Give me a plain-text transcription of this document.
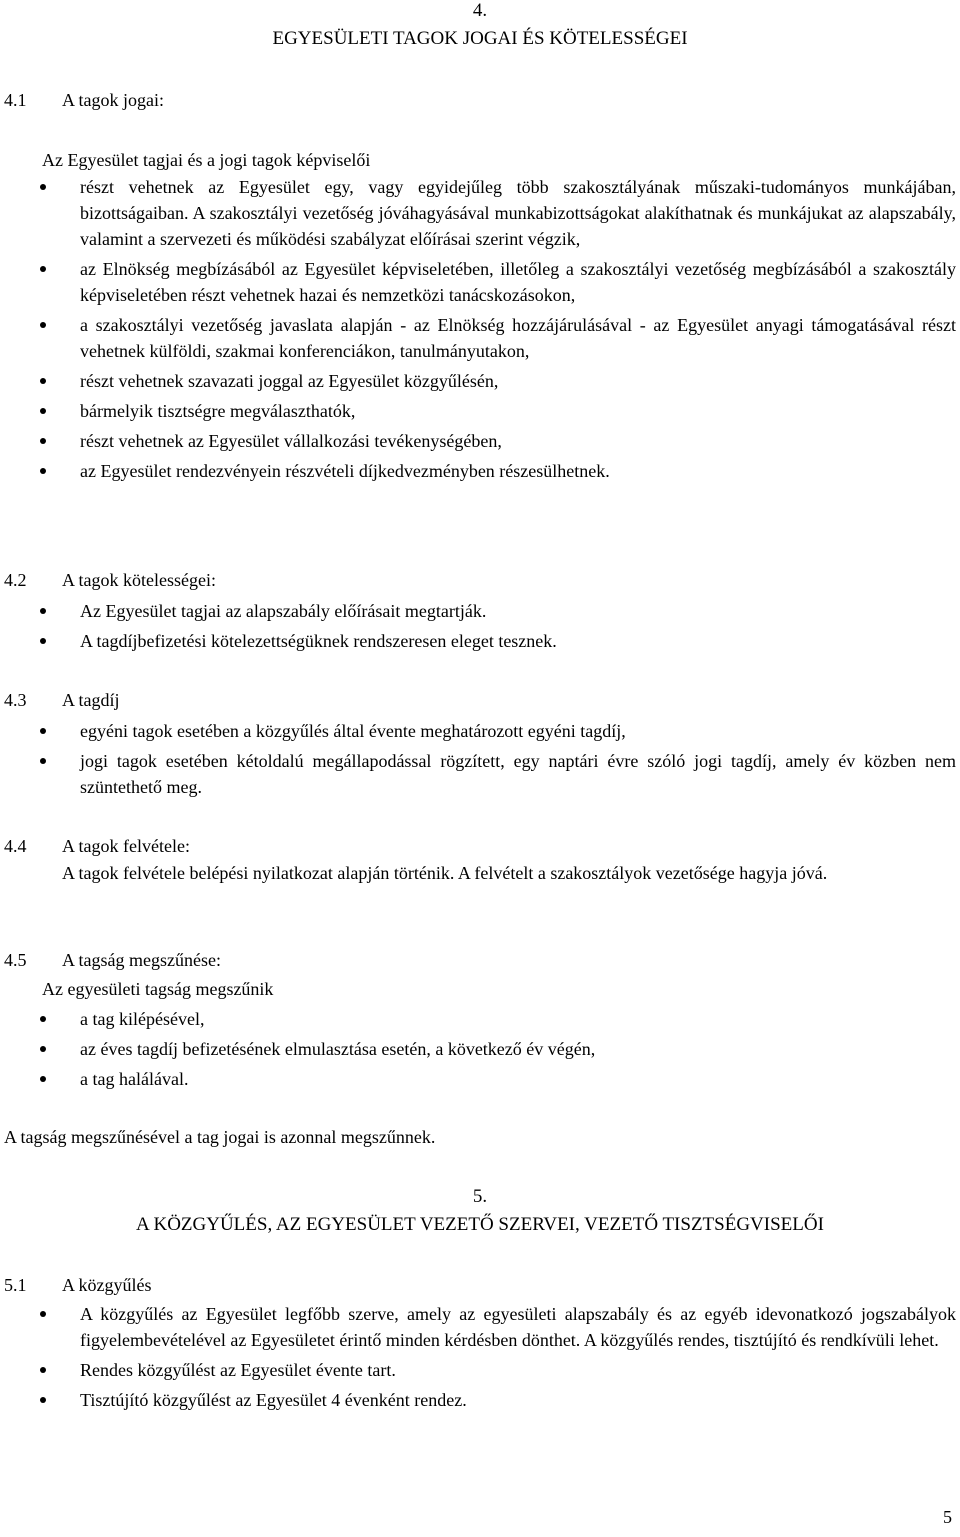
4.
EGYESÜLETI TAGOK JOGAI ÉS KÖTELESSÉGEI
4.1 A tagok jogai:
Az Egyesület tagjai és a jogi tagok képviselői
részt vehetnek az Egyesület egy, vagy egyidejűleg több szakosztályának műszaki-tudományos munkájában, bizottságaiban. A szakosztályi vezetőség jóváhagyásával munkabizottságokat alakíthatnak és munkájukat az alapszabály, valamint a szervezeti és működési szabályzat előírásai szerint végzik,
az Elnökség megbízásából az Egyesület képviseletében, illetőleg a szakosztályi vezetőség megbízásából a szakosztály képviseletében részt vehetnek hazai és nemzetközi tanácskozásokon,
a szakosztályi vezetőség javaslata alapján - az Elnökség hozzájárulásával - az Egyesület anyagi támogatásával részt vehetnek külföldi, szakmai konferenciákon, tanulmányutakon,
részt vehetnek szavazati joggal az Egyesület közgyűlésén,
bármelyik tisztségre megválaszthatók,
részt vehetnek az Egyesület vállalkozási tevékenységében,
az Egyesület rendezvényein részvételi díjkedvezményben részesülhetnek.
4.2 A tagok kötelességei:
Az Egyesület tagjai az alapszabály előírásait megtartják.
A tagdíjbefizetési kötelezettségüknek rendszeresen eleget tesznek.
4.3 A tagdíj
egyéni tagok esetében a közgyűlés által évente meghatározott egyéni tagdíj,
jogi tagok esetében kétoldalú megállapodással rögzített, egy naptári évre szóló jogi tagdíj, amely év közben nem szüntethető meg.
4.4 A tagok felvétele:
A tagok felvétele belépési nyilatkozat alapján történik. A felvételt a szakosztályok vezetősége hagyja jóvá.
4.5 A tagság megszűnése:
Az egyesületi tagság megszűnik
a tag kilépésével,
az éves tagdíj befizetésének elmulasztása esetén, a következő év végén,
a tag halálával.
A tagság megszűnésével a tag jogai is azonnal megszűnnek.
5.
A KÖZGYŰLÉS, AZ EGYESÜLET VEZETŐ SZERVEI, VEZETŐ TISZTSÉGVISELŐI
5.1 A közgyűlés
A közgyűlés az Egyesület legfőbb szerve, amely az egyesületi alapszabály és az egyéb idevonatkozó jogszabályok figyelembevételével az Egyesületet érintő minden kérdésben dönthet. A közgyűlés rendes, tisztújító és rendkívüli lehet.
Rendes közgyűlést az Egyesület évente tart.
Tisztújító közgyűlést az Egyesület 4 évenként rendez.
5
